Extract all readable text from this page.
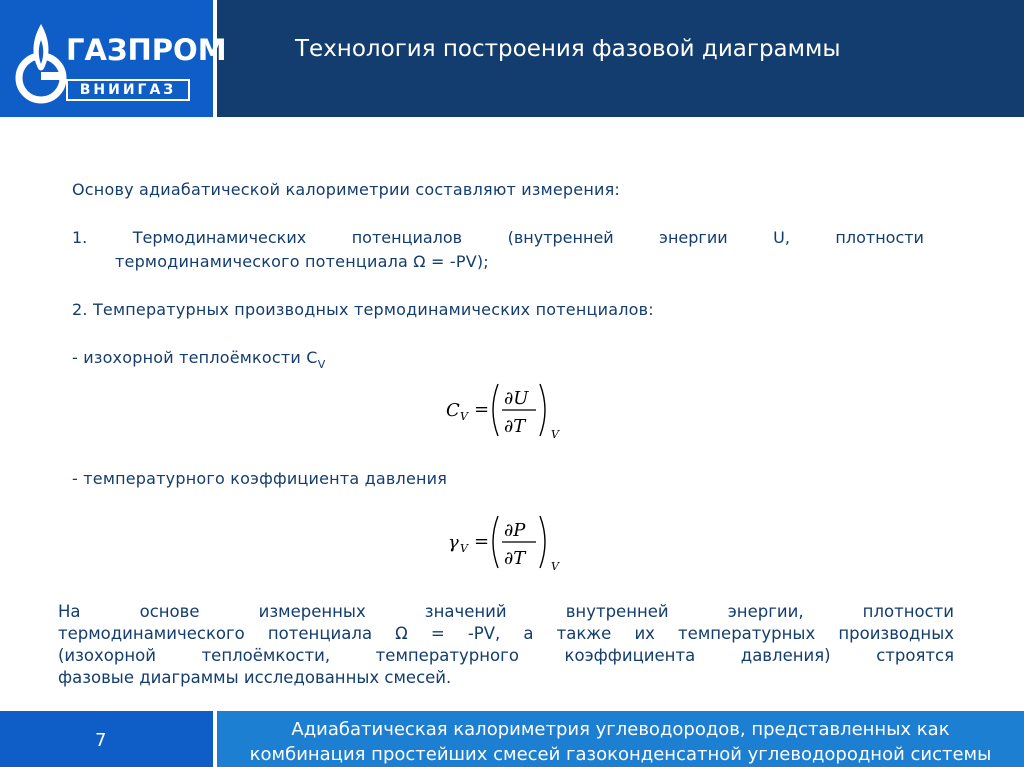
ГАЗПРОМ
ВНИИГАЗ
Технология построения фазовой диаграммы
Основу адиабатической калориметрии составляют измерения:
1.	Термодинамических	потенциалов	(внутренней	энергии	U,	плотности
термодинамического потенциала Ω = -PV);
2. Температурных производных термодинамических потенциалов:
- изохорной теплоёмкости $C_V$
C V =
∂U
∂T V
- температурного коэффициента давления
γ V =
∂P
∂T V
На основе измеренных значений внутренней энергии, плотности
термодинамического потенциала Ω = -PV, а также их температурных производных
(изохорной теплоёмкости, температурного коэффициента давления) строятся
фазовые диаграммы исследованных смесей.
7
Адиабатическая калориметрия углеводородов, представленных как
комбинация простейших смесей газоконденсатной углеводородной системы
